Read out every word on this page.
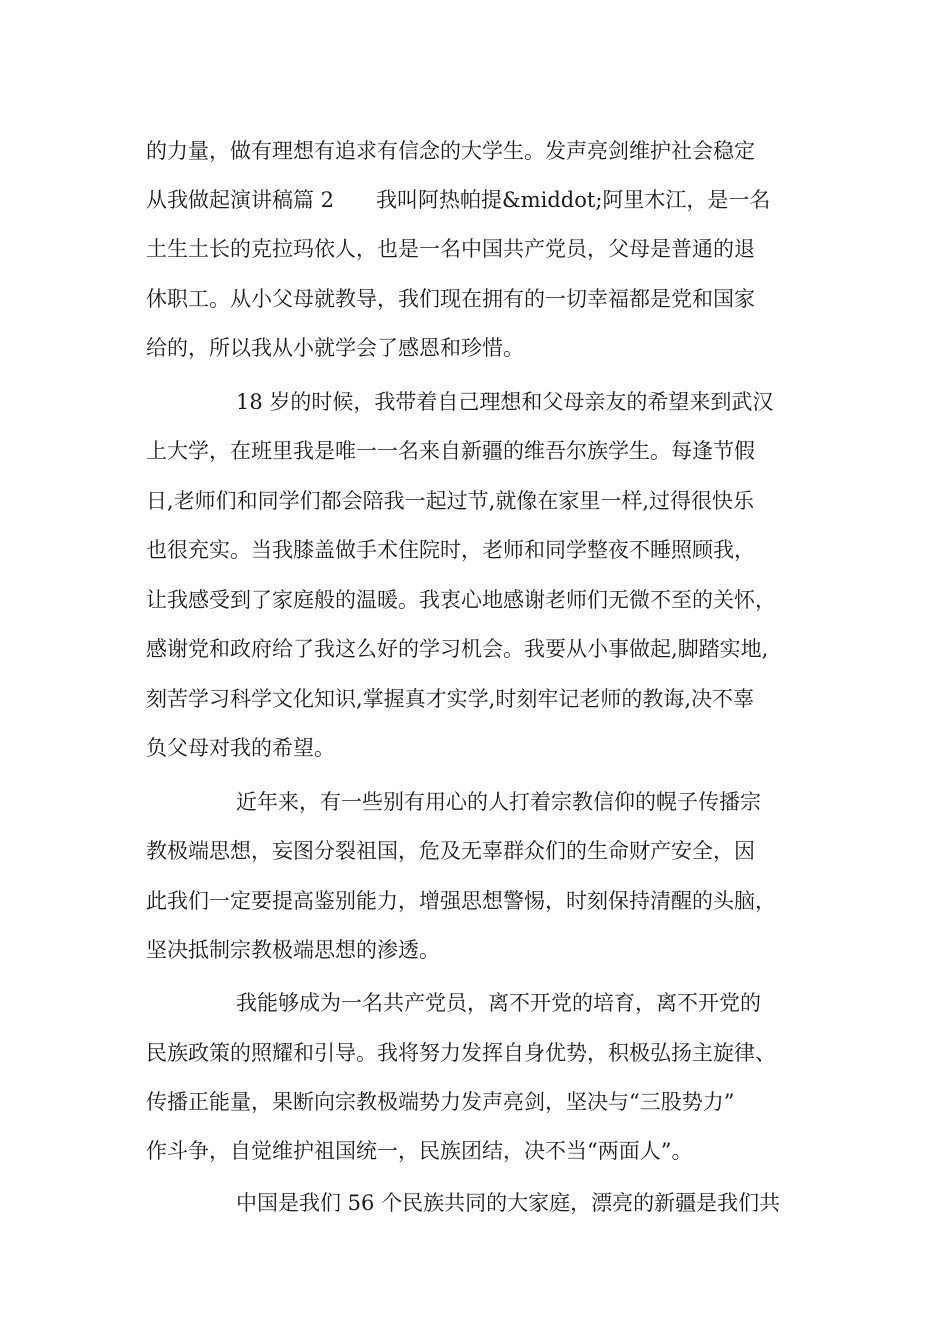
的力量，做有理想有追求有信念的大学生。发声亮剑维护社会稳定
从我做起演讲稿篇 2　　我叫阿热帕提&middot;阿里木江，是一名
土生土长的克拉玛依人，也是一名中国共产党员，父母是普通的退
休职工。从小父母就教导，我们现在拥有的一切幸福都是党和国家
给的，所以我从小就学会了感恩和珍惜。
18 岁的时候，我带着自己理想和父母亲友的希望来到武汉
上大学，在班里我是唯一一名来自新疆的维吾尔族学生。每逢节假
日,老师们和同学们都会陪我一起过节,就像在家里一样,过得很快乐
也很充实。当我膝盖做手术住院时，老师和同学整夜不睡照顾我，
让我感受到了家庭般的温暖。我衷心地感谢老师们无微不至的关怀，
感谢党和政府给了我这么好的学习机会。我要从小事做起,脚踏实地,
刻苦学习科学文化知识,掌握真才实学,时刻牢记老师的教诲,决不辜
负父母对我的希望。
近年来，有一些别有用心的人打着宗教信仰的幌子传播宗
教极端思想，妄图分裂祖国，危及无辜群众们的生命财产安全，因
此我们一定要提高鉴别能力，增强思想警惕，时刻保持清醒的头脑，
坚决抵制宗教极端思想的渗透。
我能够成为一名共产党员，离不开党的培育，离不开党的
民族政策的照耀和引导。我将努力发挥自身优势，积极弘扬主旋律、
传播正能量，果断向宗教极端势力发声亮剑，坚决与“三股势力”
作斗争，自觉维护祖国统一，民族团结，决不当“两面人”。
中国是我们 56 个民族共同的大家庭，漂亮的新疆是我们共
